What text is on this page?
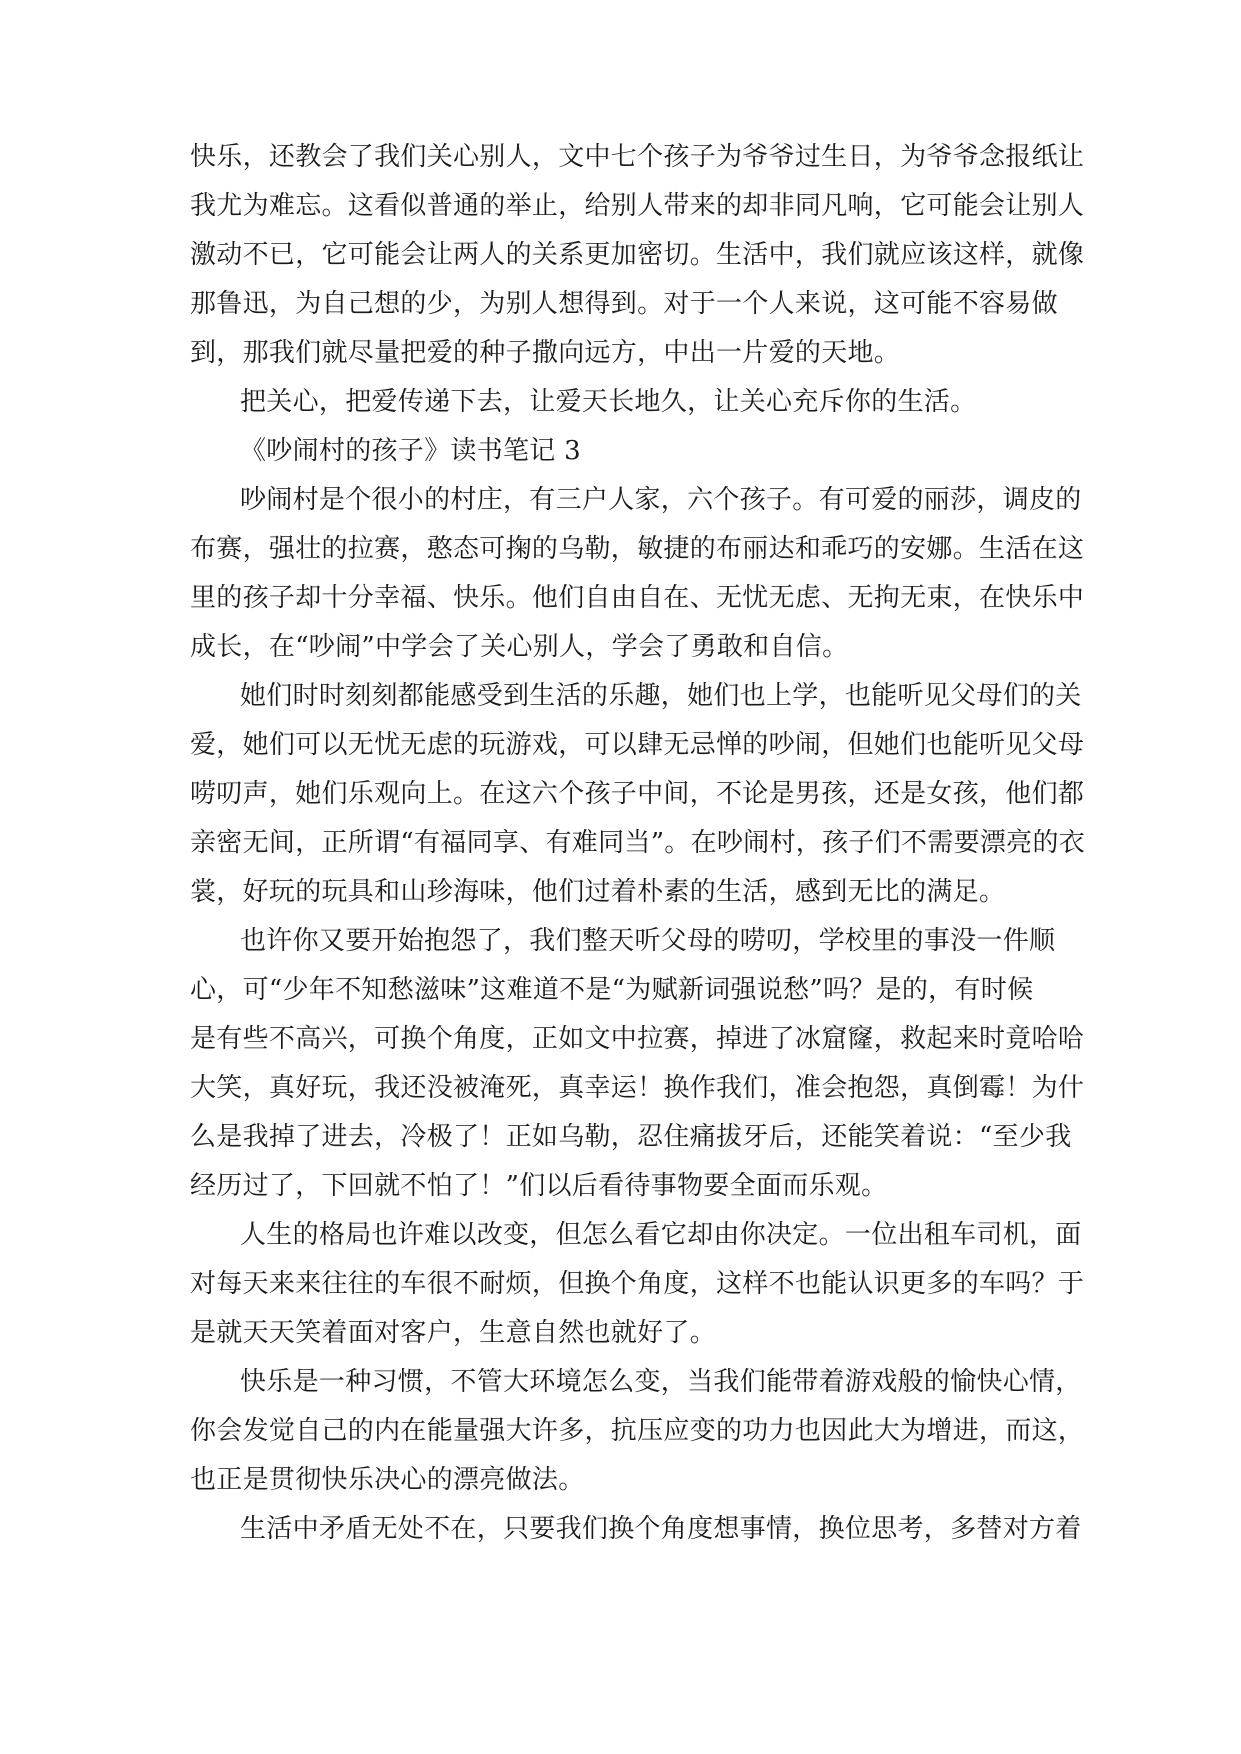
快乐，还教会了我们关心别人，文中七个孩子为爷爷过生日，为爷爷念报纸让
我尤为难忘。这看似普通的举止，给别人带来的却非同凡响，它可能会让别人
激动不已，它可能会让两人的关系更加密切。生活中，我们就应该这样，就像
那鲁迅，为自己想的少，为别人想得到。对于一个人来说，这可能不容易做
到，那我们就尽量把爱的种子撒向远方，中出一片爱的天地。
把关心，把爱传递下去，让爱天长地久，让关心充斥你的生活。
《吵闹村的孩子》读书笔记 3
吵闹村是个很小的村庄，有三户人家，六个孩子。有可爱的丽莎，调皮的
布赛，强壮的拉赛，憨态可掬的乌勒，敏捷的布丽达和乖巧的安娜。生活在这
里的孩子却十分幸福、快乐。他们自由自在、无忧无虑、无拘无束，在快乐中
成长，在“吵闹”中学会了关心别人，学会了勇敢和自信。
她们时时刻刻都能感受到生活的乐趣，她们也上学，也能听见父母们的关
爱，她们可以无忧无虑的玩游戏，可以肆无忌惮的吵闹，但她们也能听见父母
唠叨声，她们乐观向上。在这六个孩子中间，不论是男孩，还是女孩，他们都
亲密无间，正所谓“有福同享、有难同当”。在吵闹村，孩子们不需要漂亮的衣
裳，好玩的玩具和山珍海味，他们过着朴素的生活，感到无比的满足。
也许你又要开始抱怨了，我们整天听父母的唠叨，学校里的事没一件顺
心，可“少年不知愁滋味”这难道不是“为赋新词强说愁”吗？是的，有时候
是有些不高兴，可换个角度，正如文中拉赛，掉进了冰窟窿，救起来时竟哈哈
大笑，真好玩，我还没被淹死，真幸运！换作我们，准会抱怨，真倒霉！为什
么是我掉了进去，冷极了！正如乌勒，忍住痛拔牙后，还能笑着说：“至少我
经历过了，下回就不怕了！”们以后看待事物要全面而乐观。
人生的格局也许难以改变，但怎么看它却由你决定。一位出租车司机，面
对每天来来往往的车很不耐烦，但换个角度，这样不也能认识更多的车吗？于
是就天天笑着面对客户，生意自然也就好了。
快乐是一种习惯，不管大环境怎么变，当我们能带着游戏般的愉快心情，
你会发觉自己的内在能量强大许多，抗压应变的功力也因此大为增进，而这，
也正是贯彻快乐决心的漂亮做法。
生活中矛盾无处不在，只要我们换个角度想事情，换位思考，多替对方着
